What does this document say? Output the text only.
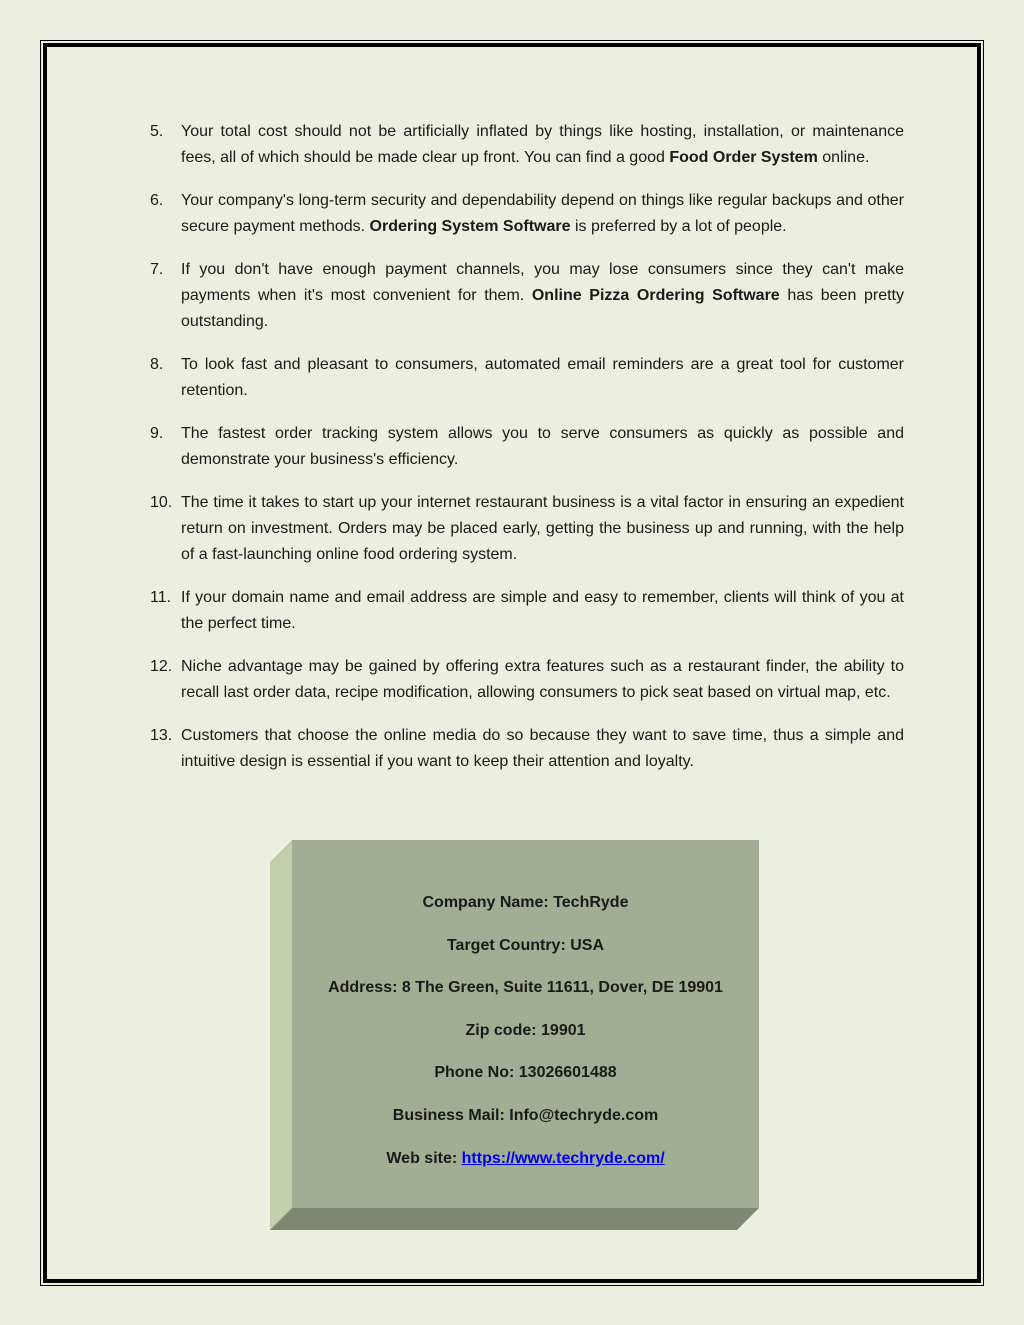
5. Your total cost should not be artificially inflated by things like hosting, installation, or maintenance fees, all of which should be made clear up front. You can find a good Food Order System online.
6. Your company's long-term security and dependability depend on things like regular backups and other secure payment methods. Ordering System Software is preferred by a lot of people.
7. If you don't have enough payment channels, you may lose consumers since they can't make payments when it's most convenient for them. Online Pizza Ordering Software has been pretty outstanding.
8. To look fast and pleasant to consumers, automated email reminders are a great tool for customer retention.
9. The fastest order tracking system allows you to serve consumers as quickly as possible and demonstrate your business's efficiency.
10. The time it takes to start up your internet restaurant business is a vital factor in ensuring an expedient return on investment. Orders may be placed early, getting the business up and running, with the help of a fast-launching online food ordering system.
11. If your domain name and email address are simple and easy to remember, clients will think of you at the perfect time.
12. Niche advantage may be gained by offering extra features such as a restaurant finder, the ability to recall last order data, recipe modification, allowing consumers to pick seat based on virtual map, etc.
13. Customers that choose the online media do so because they want to save time, thus a simple and intuitive design is essential if you want to keep their attention and loyalty.
Company Name: TechRyde
Target Country: USA
Address: 8 The Green, Suite 11611, Dover, DE 19901
Zip code: 19901
Phone No: 13026601488
Business Mail: Info@techryde.com
Web site: https://www.techryde.com/
